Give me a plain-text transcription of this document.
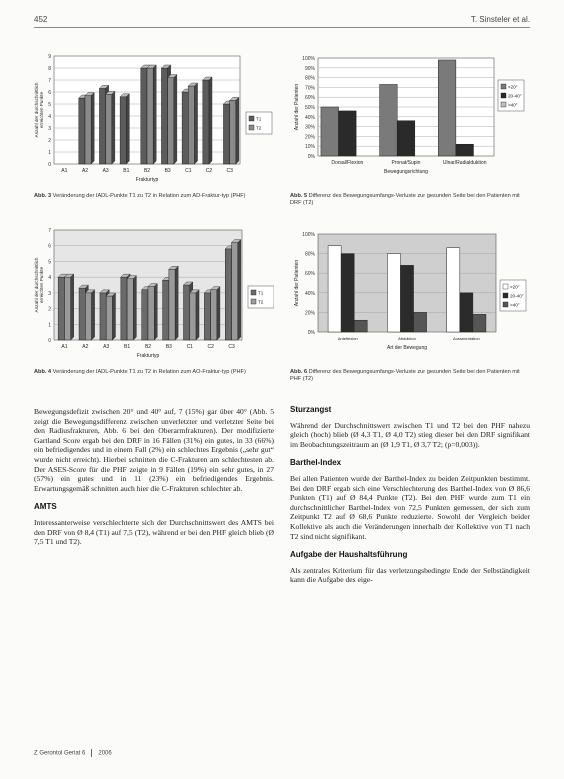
452	T. Sinsteler et al.
0
1
2
3
4
5
6
7
8
9
A1	A2	A3	B1	B2	B3	C1	C2	C3
Frakturtyp
Anzahl der durchschnittlich erreichten Punkte	T1
T2
Abb. 3 Veränderung der IADL-Punkte T1 zu T2 in Relation zum AD-Fraktur-typ (PHF)
0%
10%
20%
30%
40%
50%
60%
70%
80%
90%
100%
Dorsal/Flexion	Pronat/Supin	Ulnar/Radialduktion
Bewegungsrichtung
Anzahl der Patienten	<20°
20-40°
>40°
Abb. 5 Differenz des Bewegungsumfangs-Verluste zur gesunden Seite bei den Patienten mit DRF (T2)
0
1
2
3
4
5
6
7
A1	A2	A3	B1	B2	B3	C1	C2	C3
Frakturtyp
Anzahl der durchschnittlich erreichten Punkte	T1
T2
Abb. 4 Veränderung der IADL-Punkte T1 zu T2 in Relation zum AO-Fraktur-typ (PHF)
0%
20%
40%
60%
80%
100%
Anteflexion	Abduktion	Aussenrotation
Art der Bewegung
Anzahl der Patienten	<20°
20-40°
>40°
Abb. 6 Differenz des Bewegungsumfangs-Verluste zur gesunden Seite bei den Patienten mit PHF (T2)

Bewegungsdefizit zwischen 20° und 40° auf, 7 (15%) gar über 40° (Abb. 5 zeigt die Bewegungsdifferenz zwischen unverletzter und verletzter Seite bei den Radiusfrakturen, Abb. 6 bei den Oberarmfrakturen). Der modifizierte Gartland Score ergab bei den DRF in 16 Fällen (31%) ein gutes, in 33 (66%) ein befriedigendes und in einem Fall (2%) ein schlechtes Ergebnis („sehr gut“ wurde nicht erreicht). Hierbei schnitten die C-Frakturen am schlechtesten ab. Der ASES-Score für die PHF zeigte in 9 Fällen (19%) ein sehr gutes, in 27 (57%) ein gutes und in 11 (23%) ein befriedigendes Ergebnis. Erwartungsgemäß schnitten auch hier die C-Frakturen schlechter ab.

AMTS

Interessanterweise verschlechterte sich der Durchschnittswert des AMTS bei den DRF von Ø 8,4 (T1) auf 7,5 (T2), während er bei den PHF gleich blieb (Ø 7,5 T1 und T2).

Sturzangst

Während der Durchschnittswert zwischen T1 und T2 bei den PHF nahezu gleich (hoch) blieb (Ø 4,3 T1, Ø 4,0 T2) stieg dieser bei den DRF signifikant im Beobachtungszeitraum an (Ø 1,9 T1, Ø 3,7 T2; (p=0,003)).

Barthel-Index

Bei allen Patienten wurde der Barthel-Index zu beiden Zeitpunkten bestimmt. Bei den DRF ergab sich eine Verschlechterung des Barthel-Index von Ø 86,6 Punkten (T1) auf Ø 84,4 Punkte (T2). Bei den PHF wurde zum T1 ein durchschnittlicher Barthel-Index von 72,5 Punkten gemessen, der sich zum Zeitpunkt T2 auf Ø 68,6 Punkte reduzierte. Sowohl der Vergleich beider Kollektive als auch die Veränderungen innerhalb der Kollektive von T1 nach T2 sind nicht signifikant.

Aufgabe der Haushaltsführung

Als zentrales Kriterium für das verletzungsbedingte Ende der Selbständigkeit kann die Aufgabe des eige-

Z Gerontol Geriat 6 2006
